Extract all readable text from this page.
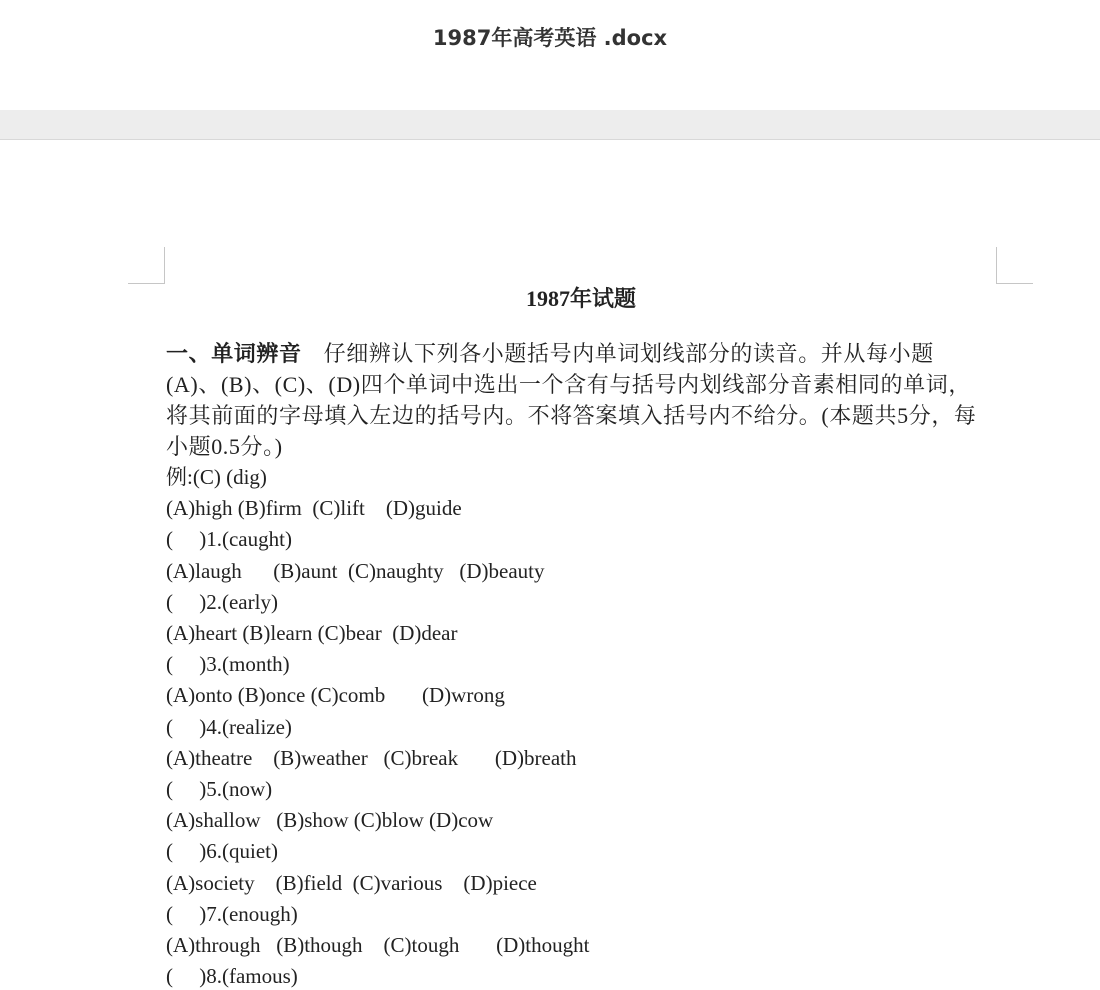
1987年高考英语 .docx
1987年试题

一、单词辨音 仔细辨认下列各小题括号内单词划线部分的读音。并从每小题(A)、(B)、(C)、(D)四个单词中选出一个含有与括号内划线部分音素相同的单词，将其前面的字母填入左边的括号内。不将答案填入括号内不给分。(本题共5分，每小题0.5分。)

例:(C) (dig)
(A)high (B)firm  (C)lift    (D)guide
(     )1.(caught)
(A)laugh      (B)aunt  (C)naughty   (D)beauty
(     )2.(early)
(A)heart (B)learn (C)bear  (D)dear
(     )3.(month)
(A)onto (B)once (C)comb       (D)wrong
(     )4.(realize)
(A)theatre    (B)weather   (C)break       (D)breath
(     )5.(now)
(A)shallow   (B)show (C)blow (D)cow
(     )6.(quiet)
(A)society    (B)field  (C)various    (D)piece
(     )7.(enough)
(A)through   (B)though    (C)tough       (D)thought
(     )8.(famous)
